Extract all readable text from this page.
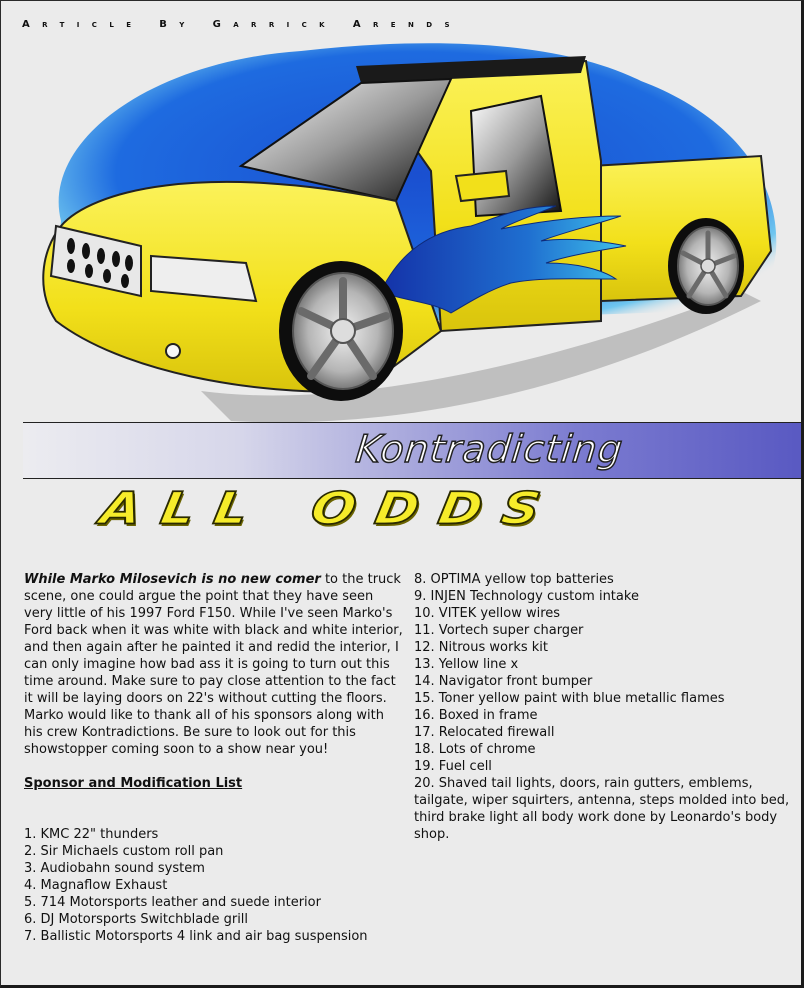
Article By Garrick Arends
Kontradicting
ALL ODDS

While Marko Milosevich is no new comer to the truck scene, one could argue the point that they have seen very little of his 1997 Ford F150. While I've seen Marko's Ford back when it was white with black and white interior, and then again after he painted it and redid the interior, I can only imagine how bad ass it is going to turn out this time around. Make sure to pay close attention to the fact it will be laying doors on 22's without cutting the floors. Marko would like to thank all of his sponsors along with his crew Kontradictions. Be sure to look out for this showstopper coming soon to a show near you!

Sponsor and Modification List
1. KMC 22" thunders
2. Sir Michaels custom roll pan
3. Audiobahn sound system
4. Magnaflow Exhaust
5. 714 Motorsports leather and suede interior
6. DJ Motorsports Switchblade grill
7. Ballistic Motorsports 4 link and air bag suspension
8. OPTIMA yellow top batteries
9. INJEN Technology custom intake
10. VITEK yellow wires
11. Vortech super charger
12. Nitrous works kit
13. Yellow line x
14. Navigator front bumper
15. Toner yellow paint with blue metallic flames
16. Boxed in frame
17. Relocated firewall
18. Lots of chrome
19. Fuel cell
20. Shaved tail lights, doors, rain gutters, emblems, tailgate, wiper squirters, antenna, steps molded into bed, third brake light all body work done by Leonardo's body shop.
